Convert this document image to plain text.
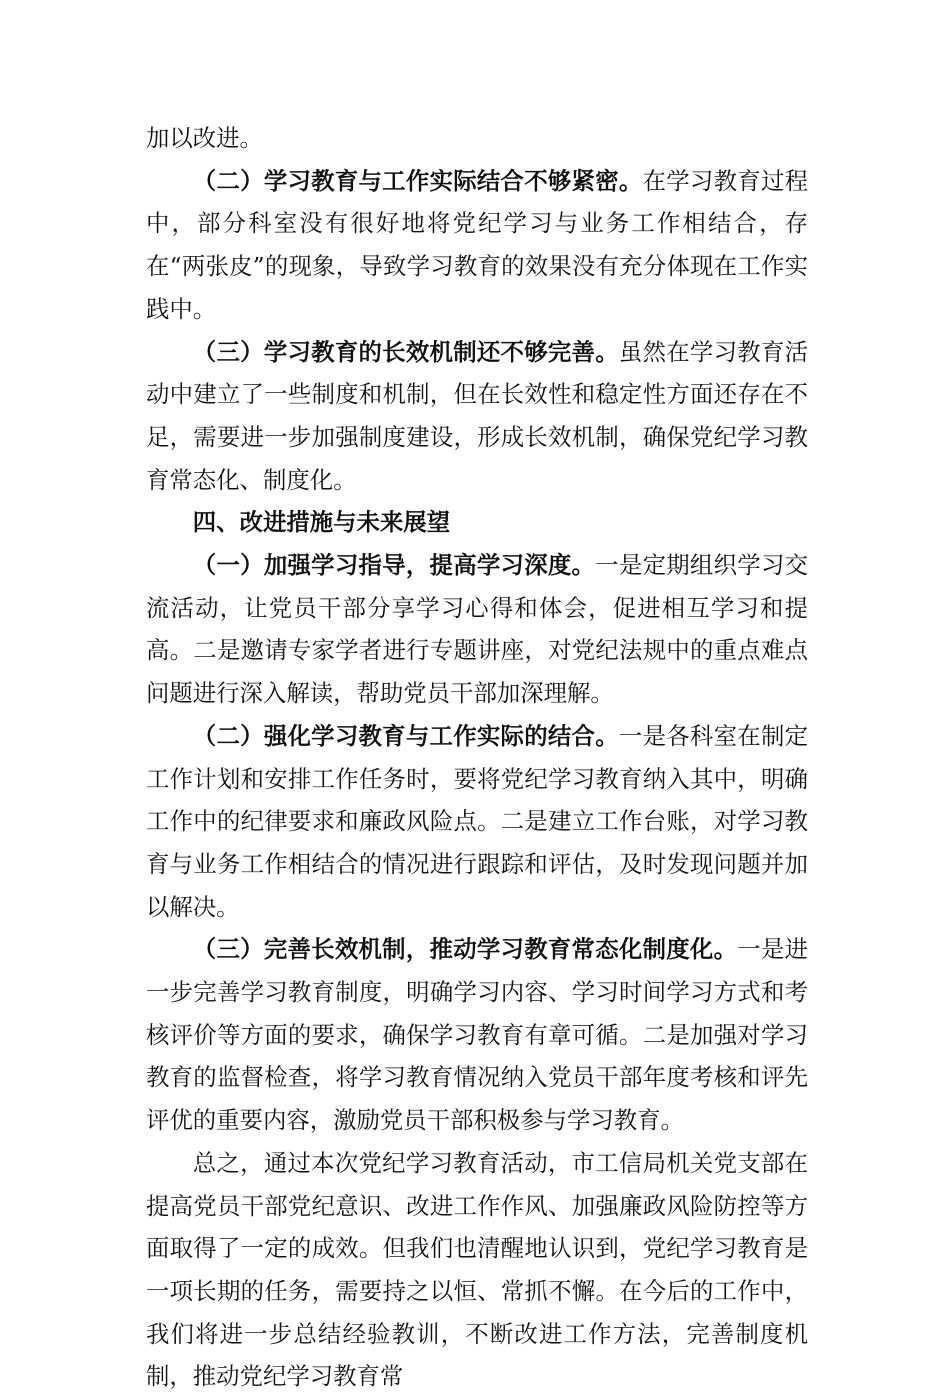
加以改进。

（二）学习教育与工作实际结合不够紧密。在学习教育过程中，部分科室没有很好地将党纪学习与业务工作相结合，存在“两张皮”的现象，导致学习教育的效果没有充分体现在工作实践中。

（三）学习教育的长效机制还不够完善。虽然在学习教育活动中建立了一些制度和机制，但在长效性和稳定性方面还存在不足，需要进一步加强制度建设，形成长效机制，确保党纪学习教育常态化、制度化。

四、改进措施与未来展望

（一）加强学习指导，提高学习深度。一是定期组织学习交流活动，让党员干部分享学习心得和体会，促进相互学习和提高。二是邀请专家学者进行专题讲座，对党纪法规中的重点难点问题进行深入解读，帮助党员干部加深理解。

（二）强化学习教育与工作实际的结合。一是各科室在制定工作计划和安排工作任务时，要将党纪学习教育纳入其中，明确工作中的纪律要求和廉政风险点。二是建立工作台账，对学习教育与业务工作相结合的情况进行跟踪和评估，及时发现问题并加以解决。

（三）完善长效机制，推动学习教育常态化制度化。一是进一步完善学习教育制度，明确学习内容、学习时间学习方式和考核评价等方面的要求，确保学习教育有章可循。二是加强对学习教育的监督检查，将学习教育情况纳入党员干部年度考核和评先评优的重要内容，激励党员干部积极参与学习教育。

总之，通过本次党纪学习教育活动，市工信局机关党支部在提高党员干部党纪意识、改进工作作风、加强廉政风险防控等方面取得了一定的成效。但我们也清醒地认识到，党纪学习教育是一项长期的任务，需要持之以恒、常抓不懈。在今后的工作中，我们将进一步总结经验教训，不断改进工作方法，完善制度机制，推动党纪学习教育常
